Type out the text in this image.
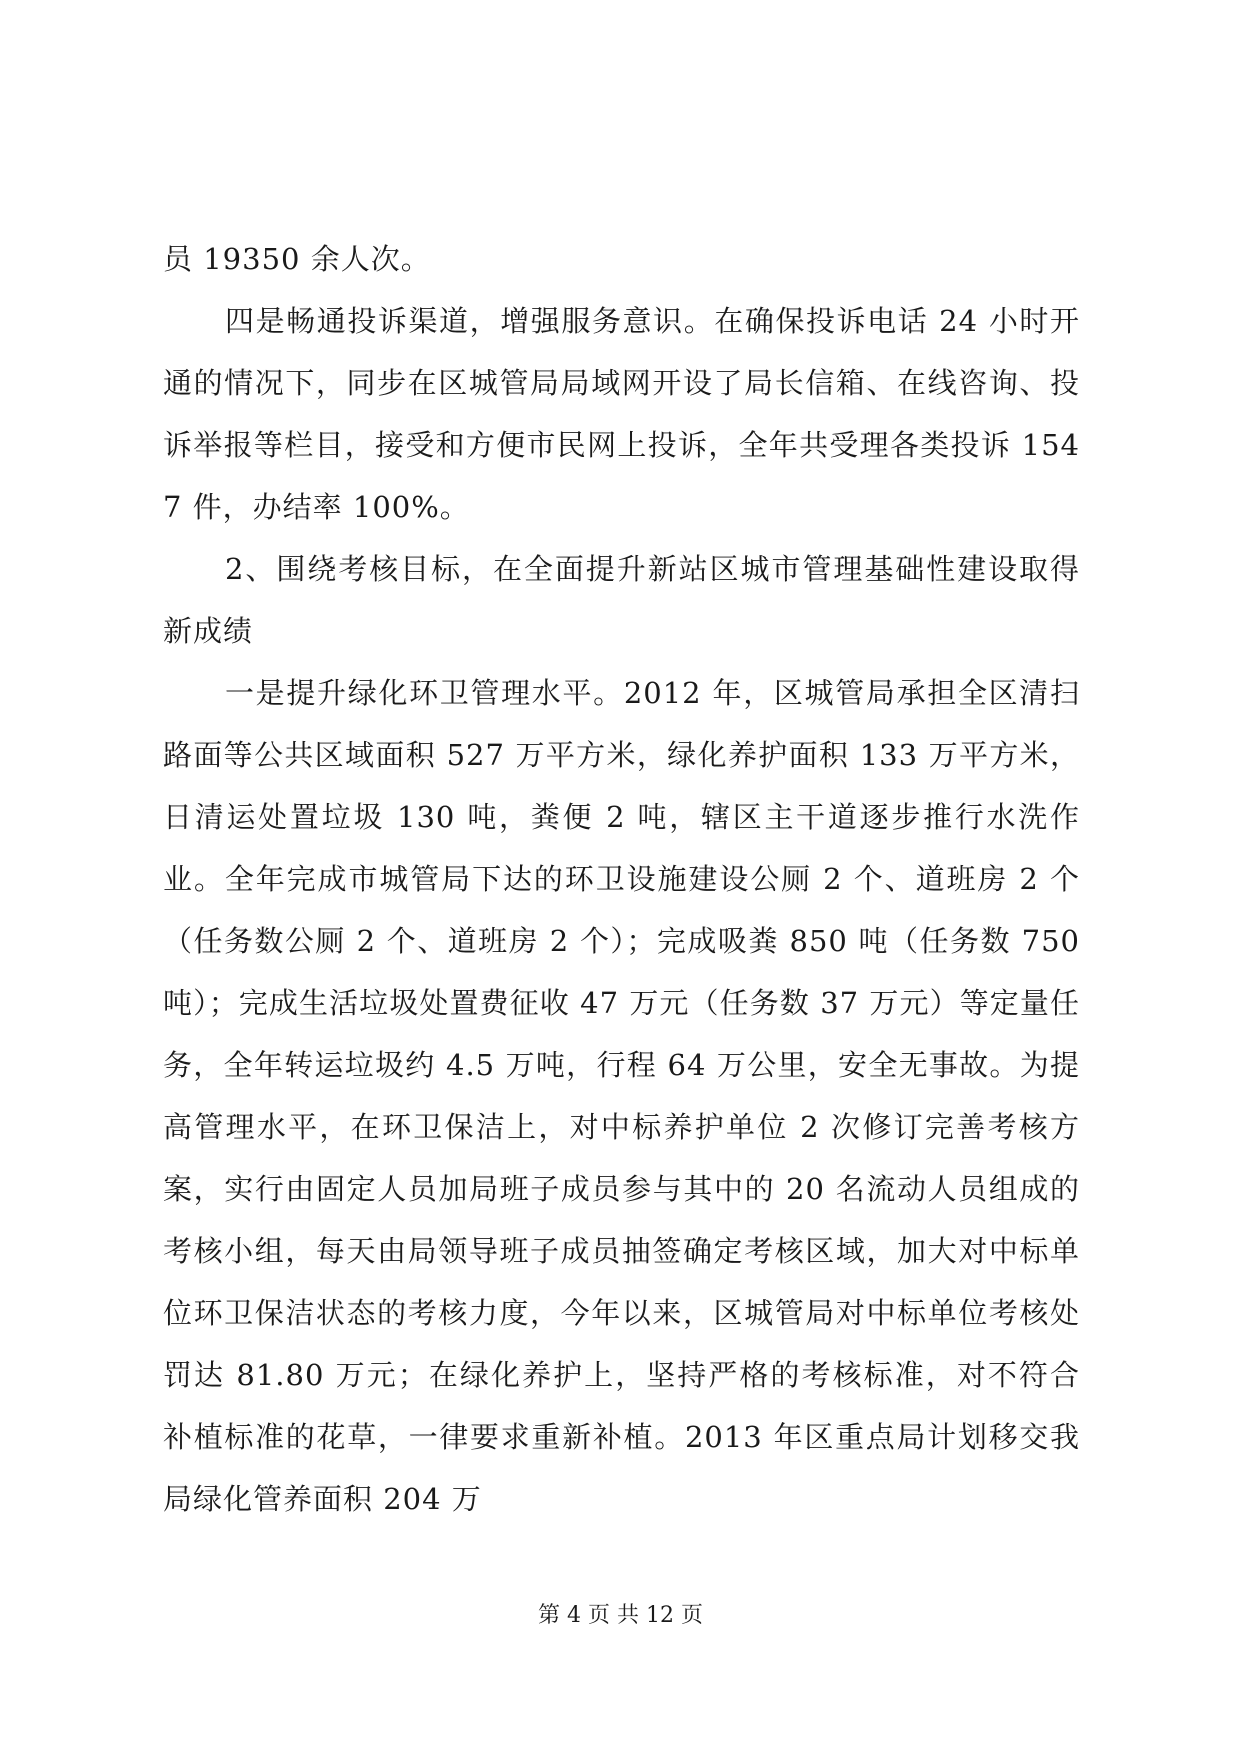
员 19350 余人次。

四是畅通投诉渠道，增强服务意识。在确保投诉电话 24 小时开通的情况下，同步在区城管局局域网开设了局长信箱、在线咨询、投诉举报等栏目，接受和方便市民网上投诉，全年共受理各类投诉 1547 件，办结率 100%。

2、围绕考核目标，在全面提升新站区城市管理基础性建设取得新成绩

一是提升绿化环卫管理水平。2012 年，区城管局承担全区清扫路面等公共区域面积 527 万平方米，绿化养护面积 133 万平方米，日清运处置垃圾 130 吨，粪便 2 吨，辖区主干道逐步推行水洗作业。全年完成市城管局下达的环卫设施建设公厕 2 个、道班房 2 个（任务数公厕 2 个、道班房 2 个）；完成吸粪 850 吨（任务数 750 吨）；完成生活垃圾处置费征收 47 万元（任务数 37 万元）等定量任务，全年转运垃圾约 4.5 万吨，行程 64 万公里，安全无事故。为提高管理水平，在环卫保洁上，对中标养护单位 2 次修订完善考核方案，实行由固定人员加局班子成员参与其中的 20 名流动人员组成的考核小组，每天由局领导班子成员抽签确定考核区域，加大对中标单位环卫保洁状态的考核力度，今年以来，区城管局对中标单位考核处罚达 81.80 万元；在绿化养护上，坚持严格的考核标准，对不符合补植标准的花草，一律要求重新补植。2013 年区重点局计划移交我局绿化管养面积 204 万

第 4 页 共 12 页
